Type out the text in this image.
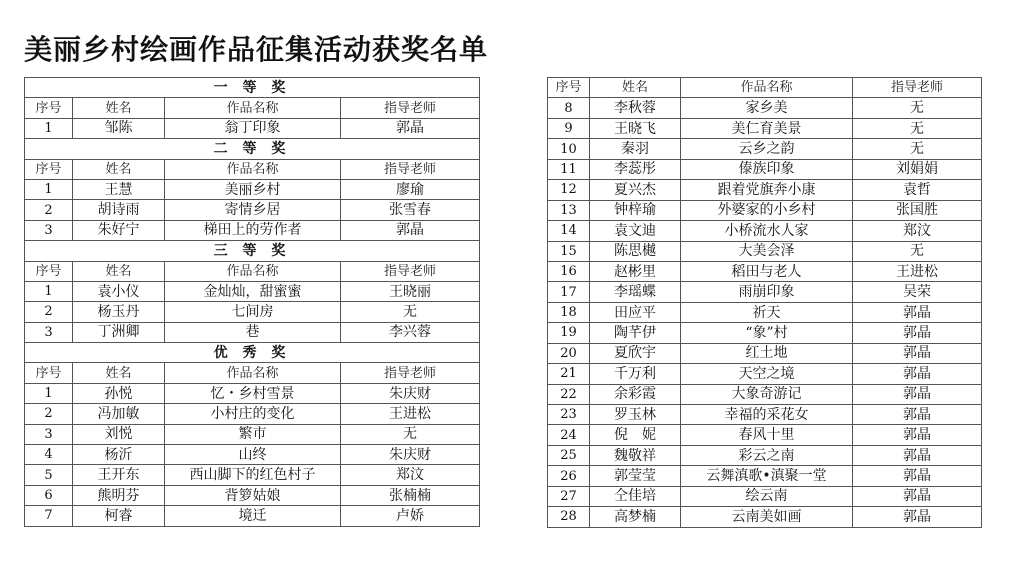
美丽乡村绘画作品征集活动获奖名单
一 等 奖			
序号	姓名	作品名称	指导老师
1	邹陈	翁丁印象	郭晶
二 等 奖			
序号	姓名	作品名称	指导老师
1	王慧	美丽乡村	廖瑜
2	胡诗雨	寄情乡居	张雪春
3	朱好宁	梯田上的劳作者	郭晶
三 等 奖			
序号	姓名	作品名称	指导老师
1	袁小仪	金灿灿，甜蜜蜜	王晓丽
2	杨玉丹	七间房	无
3	丁洲卿	巷	李兴蓉
优 秀 奖			
序号	姓名	作品名称	指导老师
1	孙悦	忆・乡村雪景	朱庆财
2	冯加敏	小村庄的变化	王进松
3	刘悦	繁市	无
4	杨沂	山终	朱庆财
5	王开东	西山脚下的红色村子	郑汶
6	熊明芬	背箩姑娘	张楠楠
7	柯睿	境迁	卢娇
序号	姓名	作品名称	指导老师
8	李秋蓉	家乡美	无
9	王晓飞	美仁育美景	无
10	秦羽	云乡之韵	无
11	李蕊彤	傣族印象	刘娟娟
12	夏兴杰	跟着党旗奔小康	袁哲
13	钟梓瑜	外婆家的小乡村	张国胜
14	袁文迪	小桥流水人家	郑汶
15	陈思樾	大美会泽	无
16	赵彬里	稻田与老人	王进松
17	李瑶蝶	雨崩印象	吴荣
18	田应平	祈天	郭晶
19	陶芊伊	“象”村	郭晶
20	夏欣宇	红土地	郭晶
21	千万利	天空之境	郭晶
22	余彩霞	大象奇游记	郭晶
23	罗玉林	幸福的采花女	郭晶
24	倪　妮	春风十里	郭晶
25	魏敬祥	彩云之南	郭晶
26	郭莹莹	云舞滇歌•滇聚一堂	郭晶
27	仝佳培	绘云南	郭晶
28	高梦楠	云南美如画	郭晶
